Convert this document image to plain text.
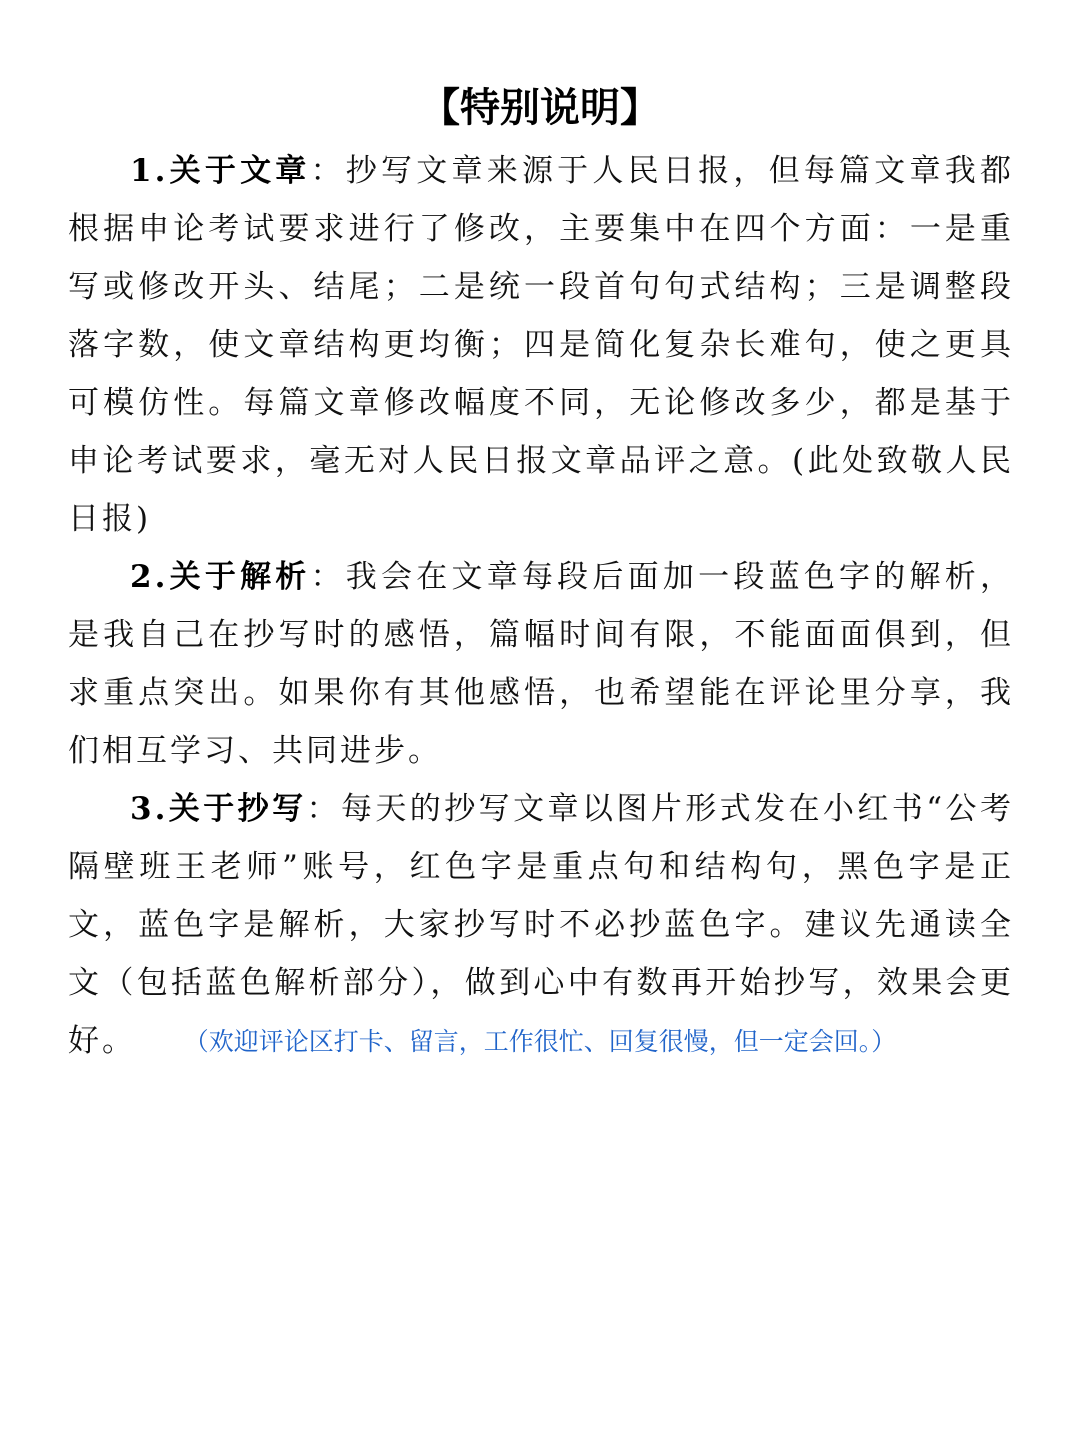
【特别说明】

1.关于文章：抄写文章来源于人民日报，但每篇文章我都根据申论考试要求进行了修改，主要集中在四个方面：一是重写或修改开头、结尾；二是统一段首句句式结构；三是调整段落字数，使文章结构更均衡；四是简化复杂长难句，使之更具可模仿性。每篇文章修改幅度不同，无论修改多少，都是基于申论考试要求，毫无对人民日报文章品评之意。(此处致敬人民日报)

2.关于解析：我会在文章每段后面加一段蓝色字的解析，是我自己在抄写时的感悟，篇幅时间有限，不能面面俱到，但求重点突出。如果你有其他感悟，也希望能在评论里分享，我们相互学习、共同进步。

3.关于抄写：每天的抄写文章以图片形式发在小红书“公考隔壁班王老师”账号，红色字是重点句和结构句，黑色字是正文，蓝色字是解析，大家抄写时不必抄蓝色字。建议先通读全文（包括蓝色解析部分），做到心中有数再开始抄写，效果会更好。	（欢迎评论区打卡、留言，工作很忙、回复很慢，但一定会回。）
